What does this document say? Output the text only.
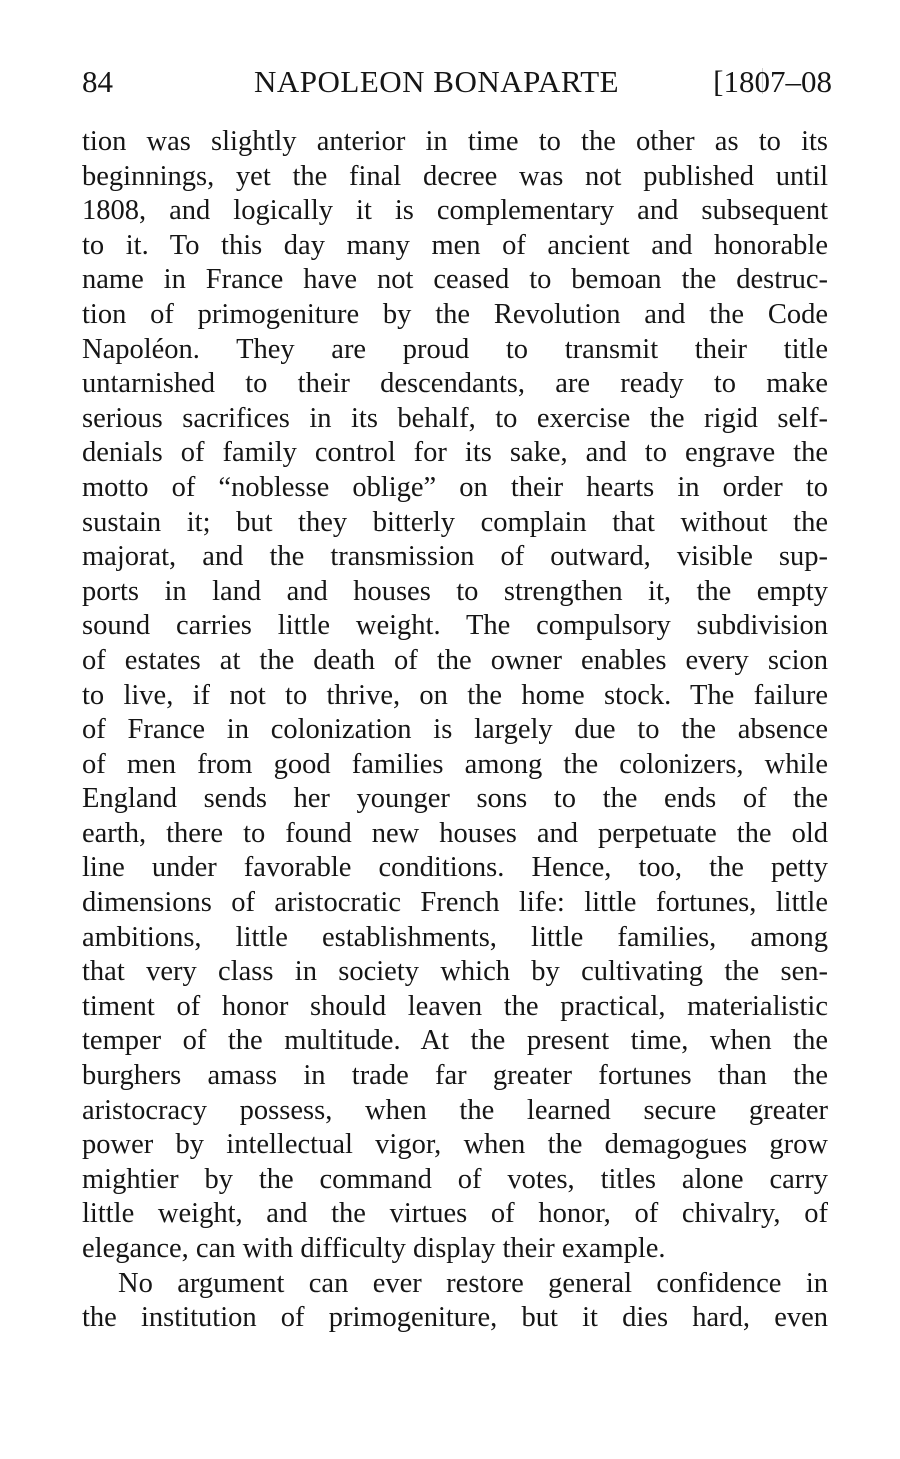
84	NAPOLEON BONAPARTE	[1807–08
tion was slightly anterior in time to the other as to its
beginnings, yet the final decree was not published until
1808, and logically it is complementary and subsequent
to it. To this day many men of ancient and honorable
name in France have not ceased to bemoan the destruc-
tion of primogeniture by the Revolution and the Code
Napoléon. They are proud to transmit their title
untarnished to their descendants, are ready to make
serious sacrifices in its behalf, to exercise the rigid self-
denials of family control for its sake, and to engrave the
motto of “noblesse oblige” on their hearts in order to
sustain it; but they bitterly complain that without the
majorat, and the transmission of outward, visible sup-
ports in land and houses to strengthen it, the empty
sound carries little weight. The compulsory subdivision
of estates at the death of the owner enables every scion
to live, if not to thrive, on the home stock. The failure
of France in colonization is largely due to the absence
of men from good families among the colonizers, while
England sends her younger sons to the ends of the
earth, there to found new houses and perpetuate the old
line under favorable conditions. Hence, too, the petty
dimensions of aristocratic French life: little fortunes, little
ambitions, little establishments, little families, among
that very class in society which by cultivating the sen-
timent of honor should leaven the practical, materialistic
temper of the multitude. At the present time, when the
burghers amass in trade far greater fortunes than the
aristocracy possess, when the learned secure greater
power by intellectual vigor, when the demagogues grow
mightier by the command of votes, titles alone carry
little weight, and the virtues of honor, of chivalry, of
elegance, can with difficulty display their example.
No argument can ever restore general confidence in
the institution of primogeniture, but it dies hard, even
